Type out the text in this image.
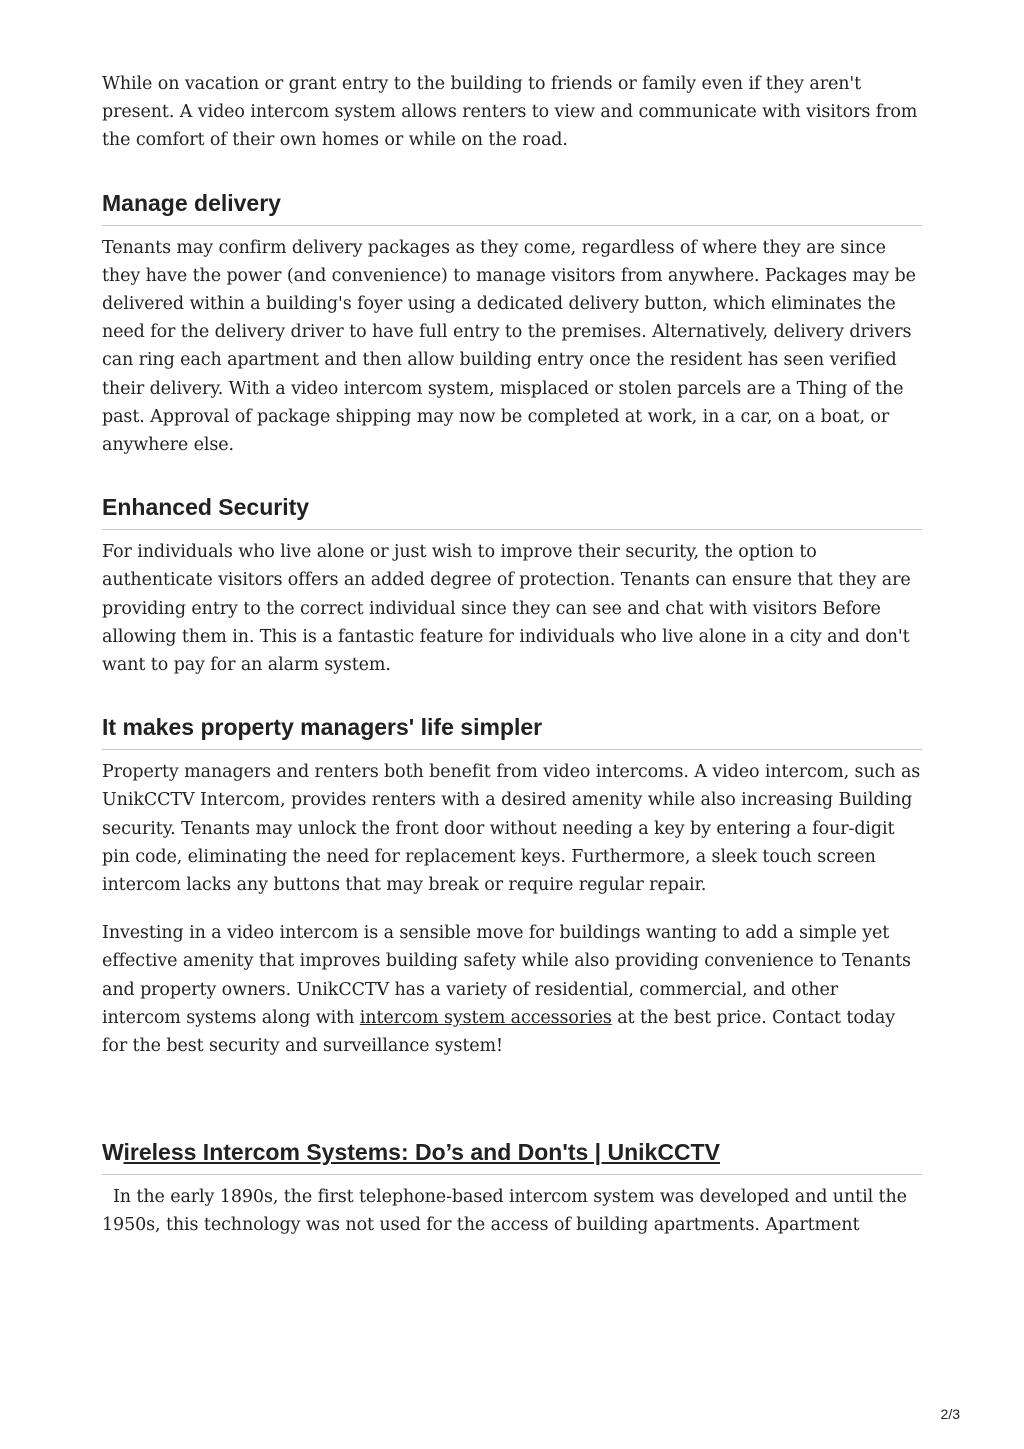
While on vacation or grant entry to the building to friends or family even if they aren't present. A video intercom system allows renters to view and communicate with visitors from the comfort of their own homes or while on the road.

Manage delivery

Tenants may confirm delivery packages as they come, regardless of where they are since they have the power (and convenience) to manage visitors from anywhere. Packages may be delivered within a building's foyer using a dedicated delivery button, which eliminates the need for the delivery driver to have full entry to the premises. Alternatively, delivery drivers can ring each apartment and then allow building entry once the resident has seen verified their delivery. With a video intercom system, misplaced or stolen parcels are a Thing of the past. Approval of package shipping may now be completed at work, in a car, on a boat, or anywhere else.

Enhanced Security

For individuals who live alone or just wish to improve their security, the option to authenticate visitors offers an added degree of protection. Tenants can ensure that they are providing entry to the correct individual since they can see and chat with visitors Before allowing them in. This is a fantastic feature for individuals who live alone in a city and don't want to pay for an alarm system.

It makes property managers' life simpler

Property managers and renters both benefit from video intercoms. A video intercom, such as UnikCCTV Intercom, provides renters with a desired amenity while also increasing Building security. Tenants may unlock the front door without needing a key by entering a four-digit pin code, eliminating the need for replacement keys. Furthermore, a sleek touch screen intercom lacks any buttons that may break or require regular repair.

Investing in a video intercom is a sensible move for buildings wanting to add a simple yet effective amenity that improves building safety while also providing convenience to Tenants and property owners. UnikCCTV has a variety of residential, commercial, and other intercom systems along with intercom system accessories at the best price. Contact today for the best security and surveillance system!

Wireless Intercom Systems: Do’s and Don'ts | UnikCCTV

In the early 1890s, the first telephone-based intercom system was developed and until the 1950s, this technology was not used for the access of building apartments. Apartment

2/3
